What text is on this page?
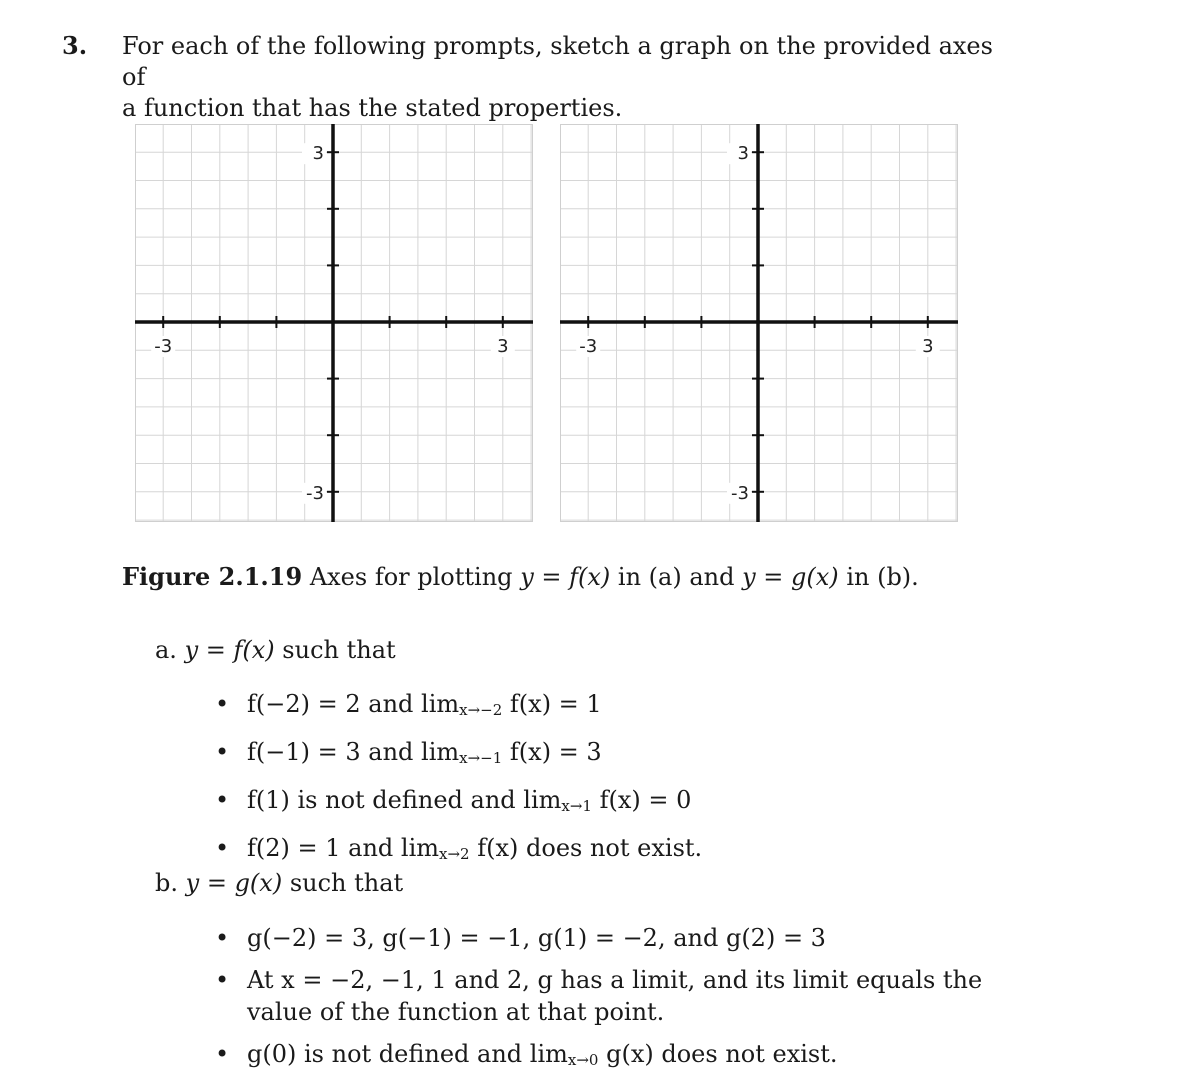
3. For each of the following prompts, sketch a graph on the provided axes of
a function that has the stated properties.
-3	3
3
-3
-3	3
3
-3
Figure 2.1.19 Axes for plotting y = f(x) in (a) and y = g(x) in (b).
a. y = f(x) such that
• f(−2) = 2 and $\lim_{x\to-2} f(x) = 1$
• f(−1) = 3 and $\lim_{x\to-1} f(x) = 3$
• f(1) is not defined and $\lim_{x\to 1} f(x) = 0$
• f(2) = 1 and $\lim_{x\to 2} f(x)$ does not exist.
b. y = g(x) such that
• g(−2) = 3, g(−1) = −1, g(1) = −2, and g(2) = 3
• At x = −2, −1, 1 and 2, g has a limit, and its limit equals the
value of the function at that point.
• g(0) is not defined and $\lim_{x\to 0} g(x)$ does not exist.
